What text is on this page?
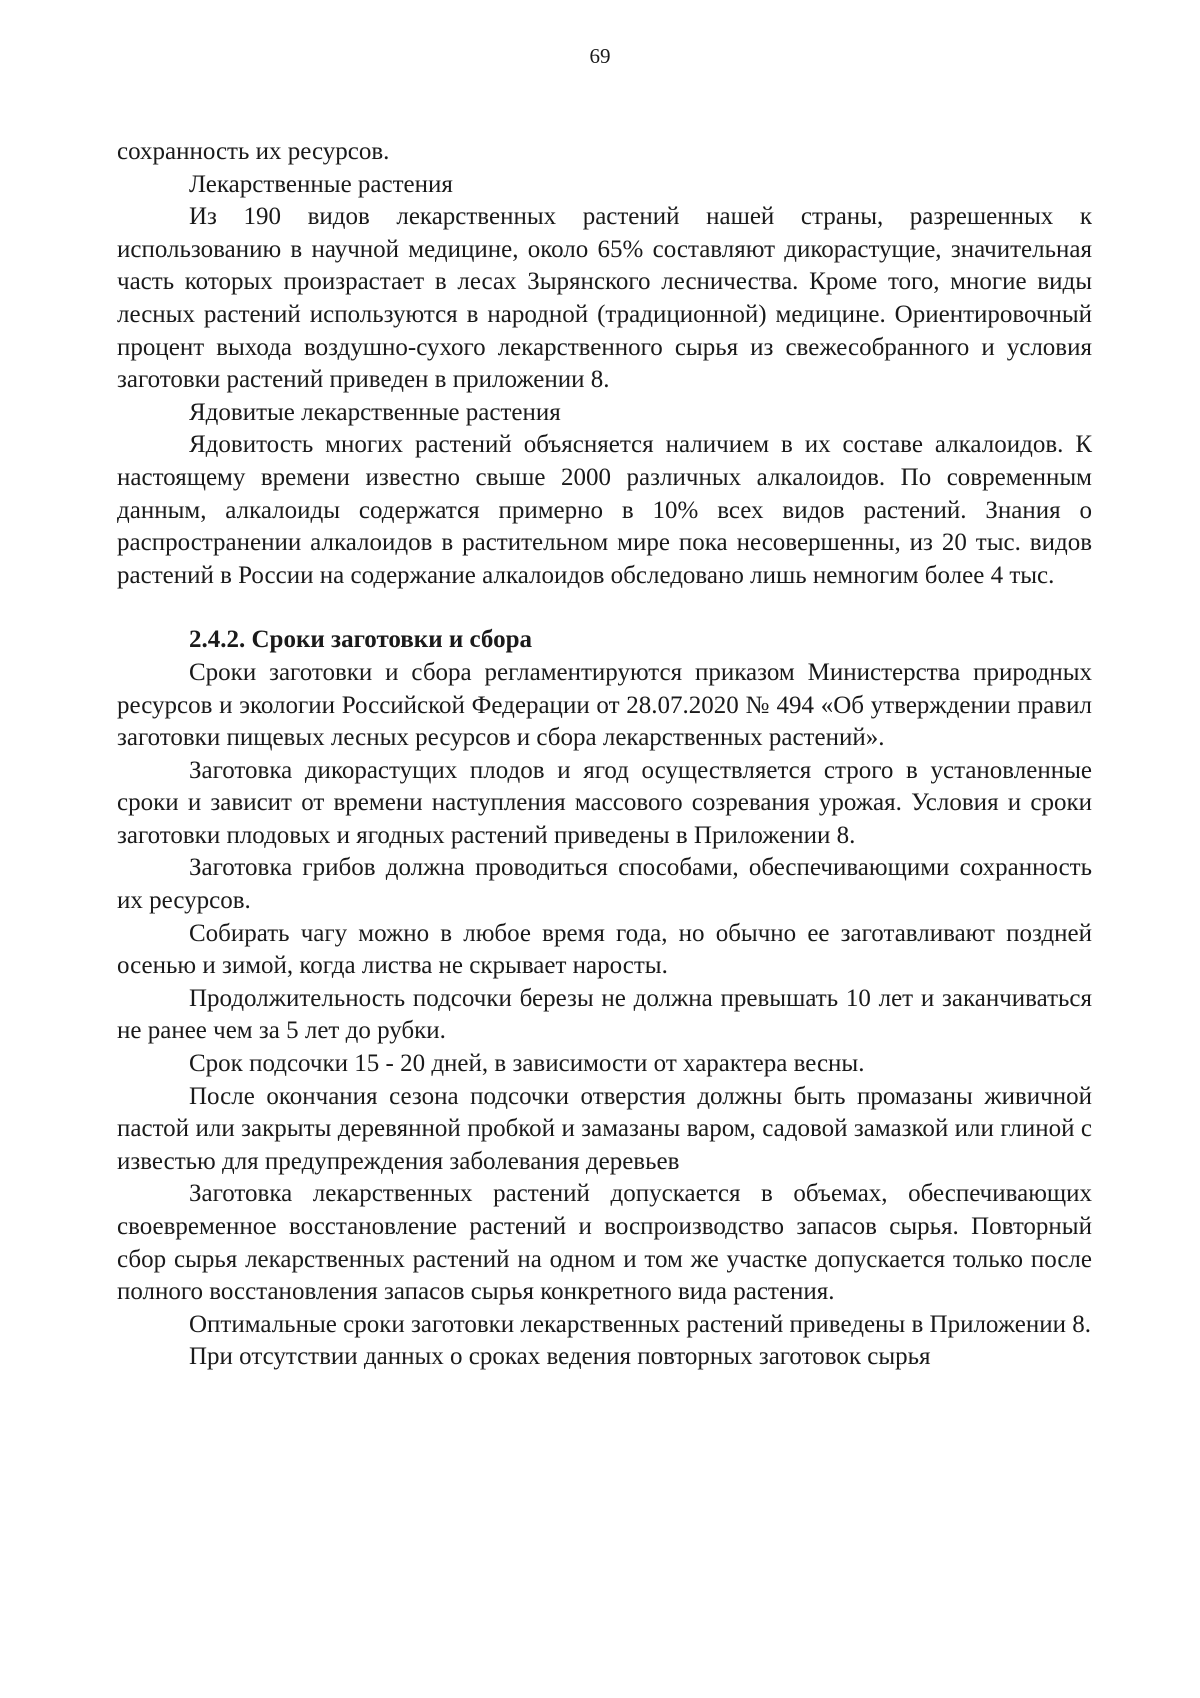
69

сохранность их ресурсов.

Лекарственные растения

Из 190 видов лекарственных растений нашей страны, разрешенных к использованию в научной медицине, около 65% составляют дикорастущие, значительная часть которых произрастает в лесах Зырянского лесничества. Кроме того, многие виды лесных растений используются в народной (традиционной) медицине. Ориентировочный процент выхода воздушно-сухого лекарственного сырья из свежесобранного и условия заготовки растений приведен в приложении 8.

Ядовитые лекарственные растения

Ядовитость многих растений объясняется наличием в их составе алкалоидов. К настоящему времени известно свыше 2000 различных алкалоидов. По современным данным, алкалоиды содержатся примерно в 10% всех видов растений. Знания о распространении алкалоидов в растительном мире пока несовершенны, из 20 тыс. видов растений в России на содержание алкалоидов обследовано лишь немногим более 4 тыс.

2.4.2. Сроки заготовки и сбора

Сроки заготовки и сбора регламентируются приказом Министерства природных ресурсов и экологии Российской Федерации от 28.07.2020 № 494 «Об утверждении правил заготовки пищевых лесных ресурсов и сбора лекарственных растений».

Заготовка дикорастущих плодов и ягод осуществляется строго в установленные сроки и зависит от времени наступления массового созревания урожая. Условия и сроки заготовки плодовых и ягодных растений приведены в Приложении 8.

Заготовка грибов должна проводиться способами, обеспечивающими сохранность их ресурсов.

Собирать чагу можно в любое время года, но обычно ее заготавливают поздней осенью и зимой, когда листва не скрывает наросты.

Продолжительность подсочки березы не должна превышать 10 лет и заканчиваться не ранее чем за 5 лет до рубки.

Срок подсочки 15 - 20 дней, в зависимости от характера весны.

После окончания сезона подсочки отверстия должны быть промазаны живичной пастой или закрыты деревянной пробкой и замазаны варом, садовой замазкой или глиной с известью для предупреждения заболевания деревьев

Заготовка лекарственных растений допускается в объемах, обеспечивающих своевременное восстановление растений и воспроизводство запасов сырья. Повторный сбор сырья лекарственных растений на одном и том же участке допускается только после полного восстановления запасов сырья конкретного вида растения.

Оптимальные сроки заготовки лекарственных растений приведены в Приложении 8.

При отсутствии данных о сроках ведения повторных заготовок сырья
